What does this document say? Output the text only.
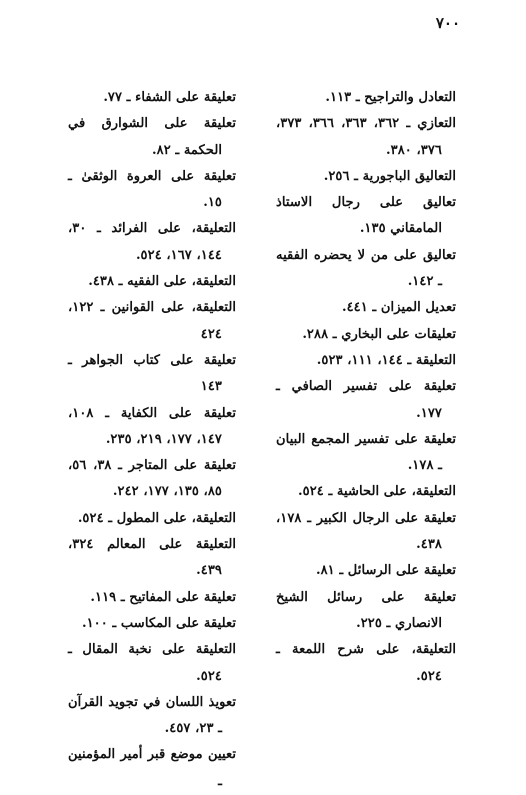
٧٠٠

التعادل والتراجيح ـ ١١٣.

التعازي ـ ٣٦٢، ٣٦٣، ٣٦٦، ٣٧٣، ٣٧٦، ٣٨٠.

التعاليق الباجورية ـ ٢٥٦.

تعاليق على رجال الاستاذ المامقاني ١٣٥.

تعاليق على من لا يحضره الفقيه ـ ١٤٢.

تعديل الميزان ـ ٤٤١.

تعليقات على البخاري ـ ٢٨٨.

التعليقة ـ ١٤٤، ١١١، ٥٢٣.

تعليقة على تفسير الصافي ـ ١٧٧.

تعليقة على تفسير المجمع البيان ـ ١٧٨.

التعليقة، على الحاشية ـ ٥٢٤.

تعليقة على الرجال الكبير ـ ١٧٨، ٤٣٨.

تعليقة على الرسائل ـ ٨١.

تعليقة على رسائل الشيخ الانصاري ـ ٢٢٥.

التعليقة، على شرح اللمعة ـ ٥٢٤.

تعليقة على الشفاء ـ ٧٧.

تعليقة على الشوارق في الحكمة ـ ٨٢.

تعليقة على العروة الوثقىٰ ـ ١٥.

التعليقة، على الفرائد ـ ٣٠، ١٤٤، ١٦٧، ٥٢٤.

التعليقة، على الفقيه ـ ٤٣٨.

التعليقة، على القوانين ـ ١٢٢، ٤٢٤

تعليقة على كتاب الجواهر ـ ١٤٣

تعليقة على الكفاية ـ ١٠٨، ١٤٧، ١٧٧، ٢١٩، ٢٣٥.

تعليقة على المتاجر ـ ٣٨، ٥٦، ٨٥، ١٣٥، ١٧٧، ٢٤٢.

التعليقة، على المطول ـ ٥٢٤.

التعليقة على المعالم ٣٢٤، ٤٣٩.

تعليقة على المفاتيح ـ ١١٩.

تعليقة على المكاسب ـ ١٠٠.

التعليقة على نخبة المقال ـ ٥٢٤.

تعويذ اللسان في تجويد القرآن ـ ٢٣، ٤٥٧.

تعيين موضع قبر أمير المؤمنين ـ
